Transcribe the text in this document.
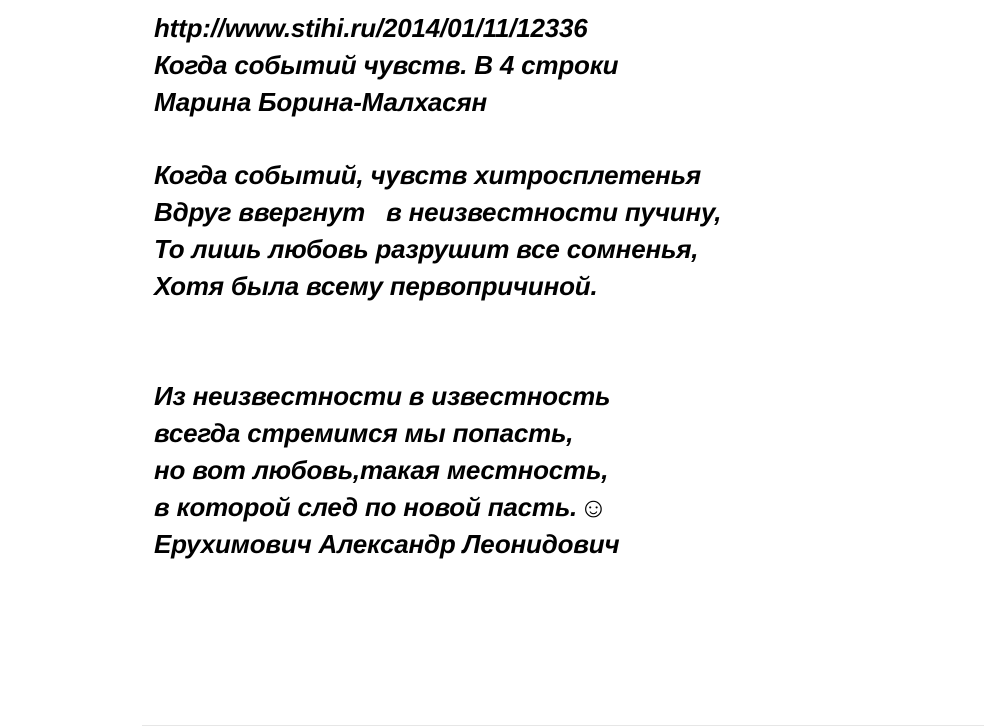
http://www.stihi.ru/2014/01/11/12336
Когда событий чувств. В 4 строки
Марина Борина-Малхасян
Когда событий, чувств хитросплетенья
Вдруг ввергнут   в неизвестности пучину,
То лишь любовь разрушит все сомненья,
Хотя была всему первопричиной.
Из неизвестности в известность
всегда стремимся мы попасть,
но вот любовь,такая местность,
в которой след по новой пасть.☺
Ерухимович Александр Леонидович
